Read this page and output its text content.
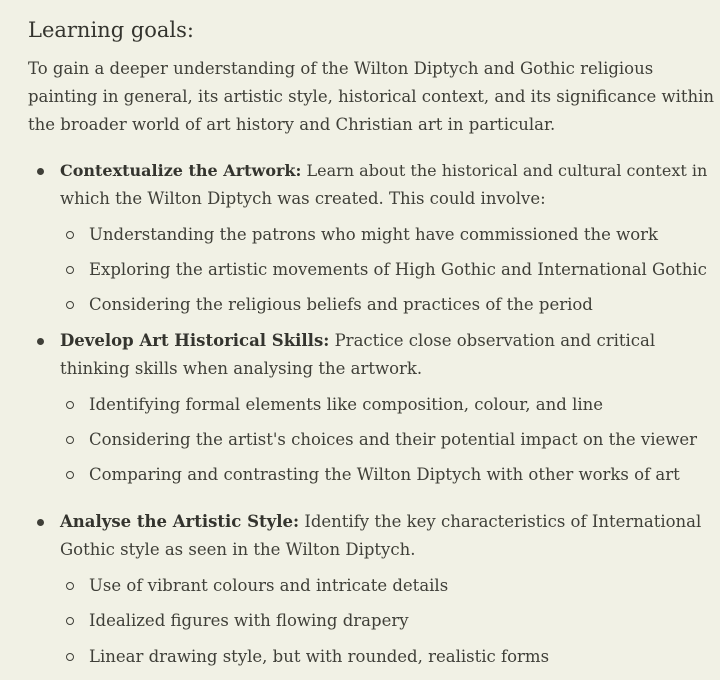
Learning goals:
To gain a deeper understanding of the Wilton Diptych and Gothic religious
painting in general, its artistic style, historical context, and its significance within
the broader world of art history and Christian art in particular.
Contextualize the Artwork: Learn about the historical and cultural context in
which the Wilton Diptych was created. This could involve:
Understanding the patrons who might have commissioned the work
Exploring the artistic movements of High Gothic and International Gothic
Considering the religious beliefs and practices of the period
Develop Art Historical Skills: Practice close observation and critical
thinking skills when analysing the artwork.
Identifying formal elements like composition, colour, and line
Considering the artist's choices and their potential impact on the viewer
Comparing and contrasting the Wilton Diptych with other works of art
Analyse the Artistic Style: Identify the key characteristics of International
Gothic style as seen in the Wilton Diptych.
Use of vibrant colours and intricate details
Idealized figures with flowing drapery
Linear drawing style, but with rounded, realistic forms
